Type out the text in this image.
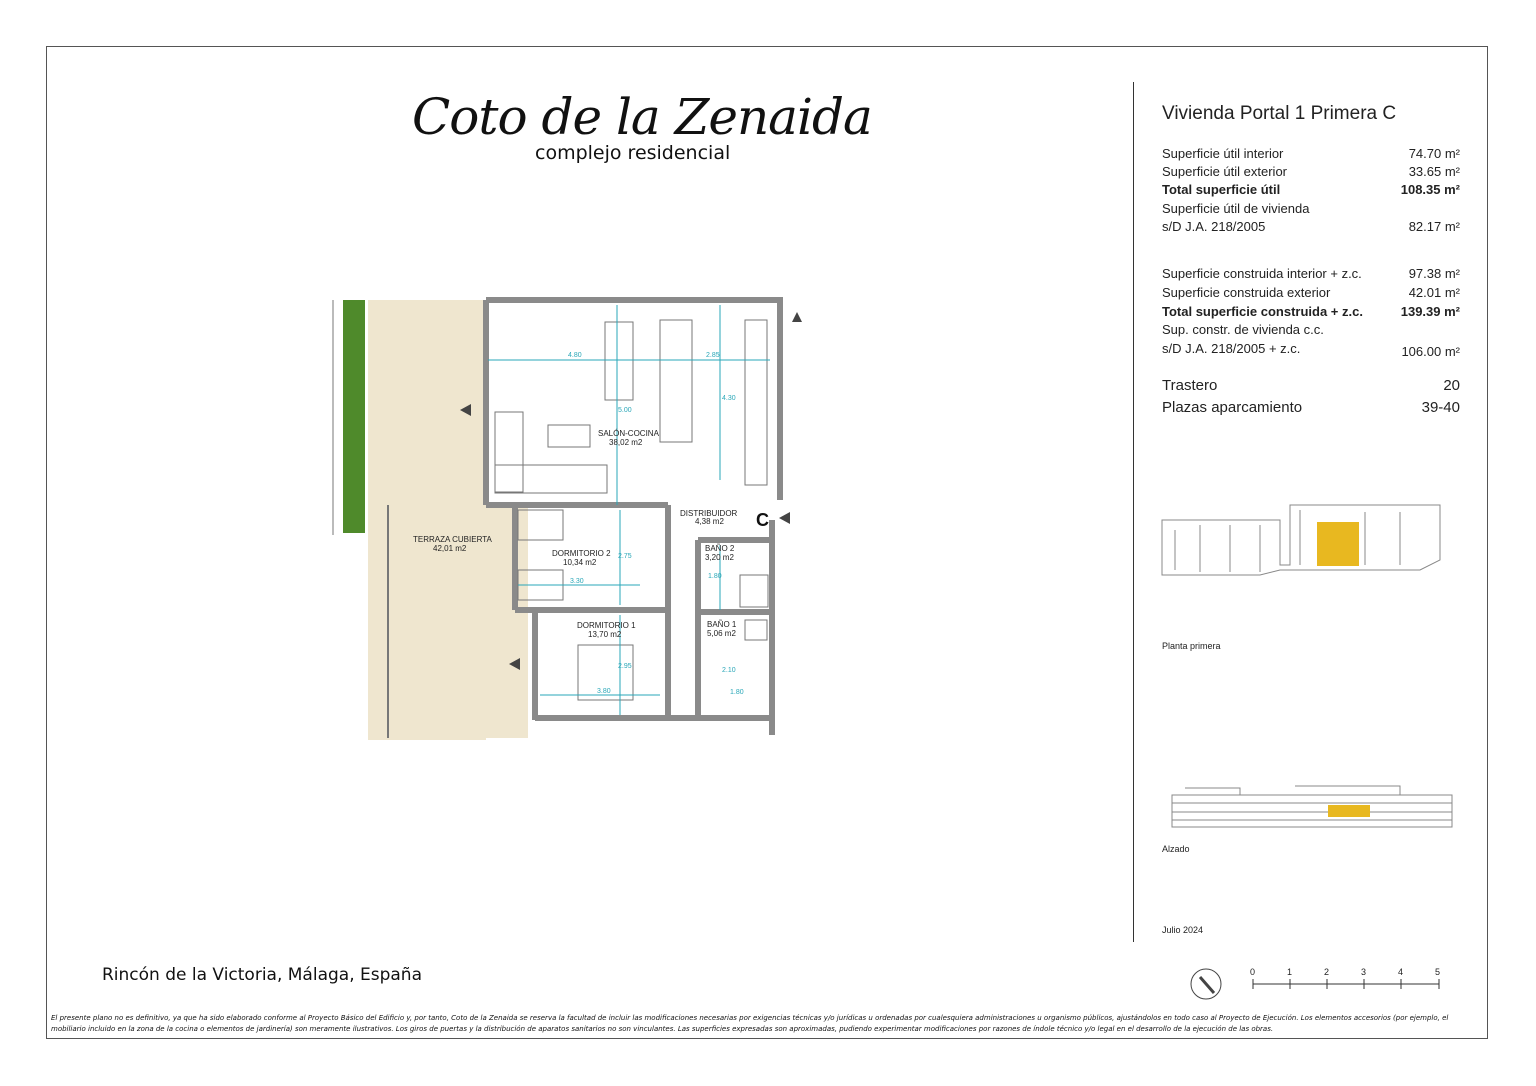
Coto de la Zenaida
complejo residencial
4.80	2.85
5.00
4.30
2.75
3.30
2.95
3.80
1.80
2.10
1.80
SALÓN-COCINA
38,02 m2
DISTRIBUIDOR
4,38 m2
DORMITORIO 2
10,34 m2
BAÑO 2
3,20 m2
DORMITORIO 1
13,70 m2
BAÑO 1
5,06 m2
TERRAZA CUBIERTA
42,01 m2
C
0	1	2	3	4	5
Vivienda Portal 1 Primera C
Superficie útil interior	74.70 m²
Superficie útil exterior	33.65 m²
Total superficie útil	108.35 m²
Superficie útil de vivienda
s/D J.A. 218/2005	82.17 m²
Superficie construida interior + z.c.	97.38 m²
Superficie construida exterior	42.01 m²
Total superficie construida + z.c.	139.39 m²
Sup. constr. de vivienda c.c.
s/D J.A. 218/2005 + z.c.	106.00 m²
Trastero	20
Plazas aparcamiento	39-40
Planta primera
Alzado
Julio 2024
Rincón de la Victoria, Málaga, España
El presente plano no es definitivo, ya que ha sido elaborado conforme al Proyecto Básico del Edificio y, por tanto, Coto de la Zenaida se reserva la facultad de incluir las modificaciones necesarias por exigencias técnicas y/o jurídicas u ordenadas por cualesquiera administraciones u organismo públicos, ajustándolos en todo caso al Proyecto de Ejecución. Los elementos accesorios (por ejemplo, el mobiliario incluido en la zona de la cocina o elementos de jardinería) son meramente ilustrativos. Los giros de puertas y la distribución de aparatos sanitarios no son vinculantes. Las superficies expresadas son aproximadas, pudiendo experimentar modificaciones por razones de índole técnico y/o legal en el desarrollo de la ejecución de las obras.
